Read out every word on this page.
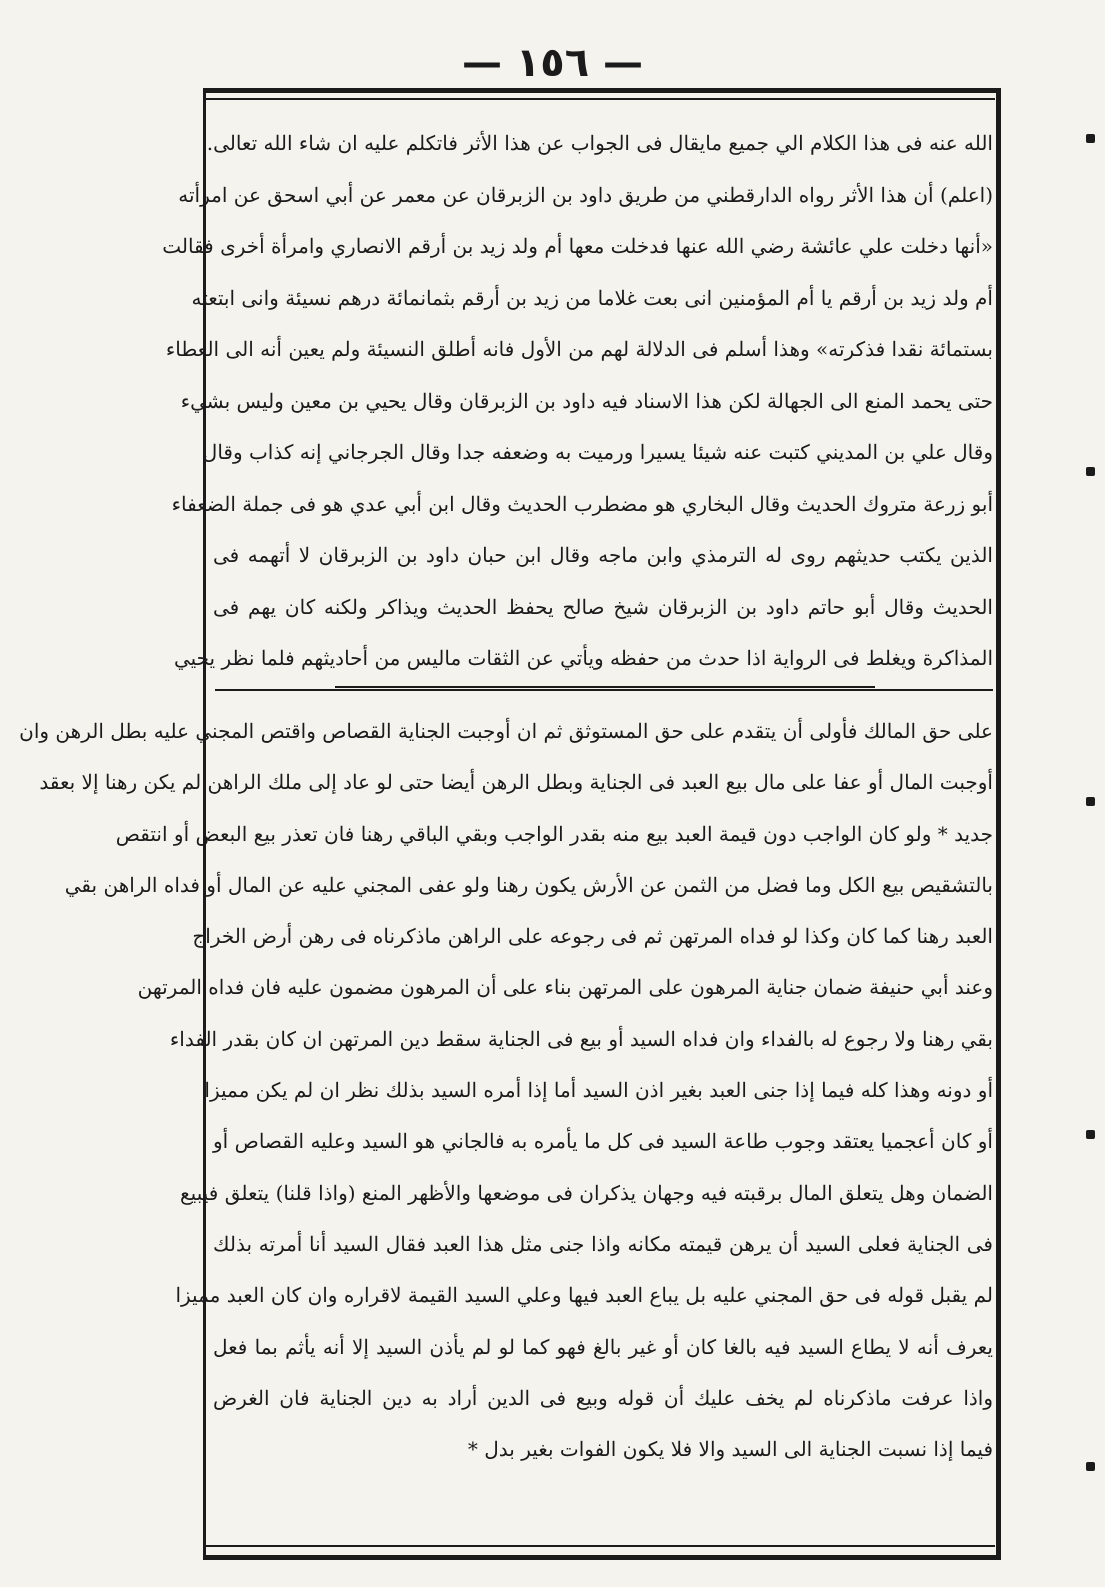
— ١٥٦ —
الله عنه فى هذا الكلام الي جميع مايقال فى الجواب عن هذا الأثر فاتكلم عليه ان شاء الله تعالى.
(اعلم) أن هذا الأثر رواه الدارقطني من طريق داود بن الزبرقان عن معمر عن أبي اسحق عن امرأته
«أنها دخلت علي عائشة رضي الله عنها فدخلت معها أم ولد زيد بن أرقم الانصاري وامرأة أخرى فقالت
أم ولد زيد بن أرقم يا أم المؤمنين انى بعت غلاما من زيد بن أرقم بثمانمائة درهم نسيئة وانى ابتعته
بستمائة نقدا فذكرته» وهذا أسلم فى الدلالة لهم من الأول فانه أطلق النسيئة ولم يعين أنه الى العطاء
حتى يحمد المنع الى الجهالة لكن هذا الاسناد فيه داود بن الزبرقان وقال يحيي بن معين وليس بشيء
وقال علي بن المديني كتبت عنه شيئا يسيرا ورميت به وضعفه جدا وقال الجرجاني إنه كذاب وقال
أبو زرعة متروك الحديث وقال البخاري هو مضطرب الحديث وقال ابن أبي عدي هو فى جملة الضعفاء
الذين يكتب حديثهم روى له الترمذي وابن ماجه وقال ابن حبان داود بن الزبرقان لا أتهمه فى
الحديث وقال أبو حاتم داود بن الزبرقان شيخ صالح يحفظ الحديث ويذاكر ولكنه كان يهم فى
المذاكرة ويغلط فى الرواية اذا حدث من حفظه ويأتي عن الثقات ماليس من أحاديثهم فلما نظر يحيي
على حق المالك فأولى أن يتقدم على حق المستوثق ثم ان أوجبت الجناية القصاص واقتص المجني عليه بطل الرهن وان
أوجبت المال أو عفا على مال بيع العبد فى الجناية وبطل الرهن أيضا حتى لو عاد إلى ملك الراهن لم يكن رهنا إلا بعقد
جديد * ولو كان الواجب دون قيمة العبد بيع منه بقدر الواجب وبقي الباقي رهنا فان تعذر بيع البعض أو انتقص
بالتشقيص بيع الكل وما فضل من الثمن عن الأرش يكون رهنا ولو عفى المجني عليه عن المال أو فداه الراهن بقي
العبد رهنا كما كان وكذا لو فداه المرتهن ثم فى رجوعه على الراهن ماذكرناه فى رهن أرض الخراج
وعند أبي حنيفة ضمان جناية المرهون على المرتهن بناء على أن المرهون مضمون عليه فان فداه المرتهن
بقي رهنا ولا رجوع له بالفداء وان فداه السيد أو بيع فى الجناية سقط دين المرتهن ان كان بقدر الفداء
أو دونه وهذا كله فيما إذا جنى العبد بغير اذن السيد أما إذا أمره السيد بذلك نظر ان لم يكن مميزا
أو كان أعجميا يعتقد وجوب طاعة السيد فى كل ما يأمره به فالجاني هو السيد وعليه القصاص أو
الضمان وهل يتعلق المال برقبته فيه وجهان يذكران فى موضعها والأظهر المنع (واذا قلنا) يتعلق فيبيع
فى الجناية فعلى السيد أن يرهن قيمته مكانه واذا جنى مثل هذا العبد فقال السيد أنا أمرته بذلك
لم يقبل قوله فى حق المجني عليه بل يباع العبد فيها وعلي السيد القيمة لاقراره وان كان العبد مميزا
يعرف أنه لا يطاع السيد فيه بالغا كان أو غير بالغ فهو كما لو لم يأذن السيد إلا أنه يأثم بما فعل
واذا عرفت ماذكرناه لم يخف عليك أن قوله وبيع فى الدين أراد به دين الجناية فان الغرض
فيما إذا نسبت الجناية الى السيد والا فلا يكون الفوات بغير بدل *
